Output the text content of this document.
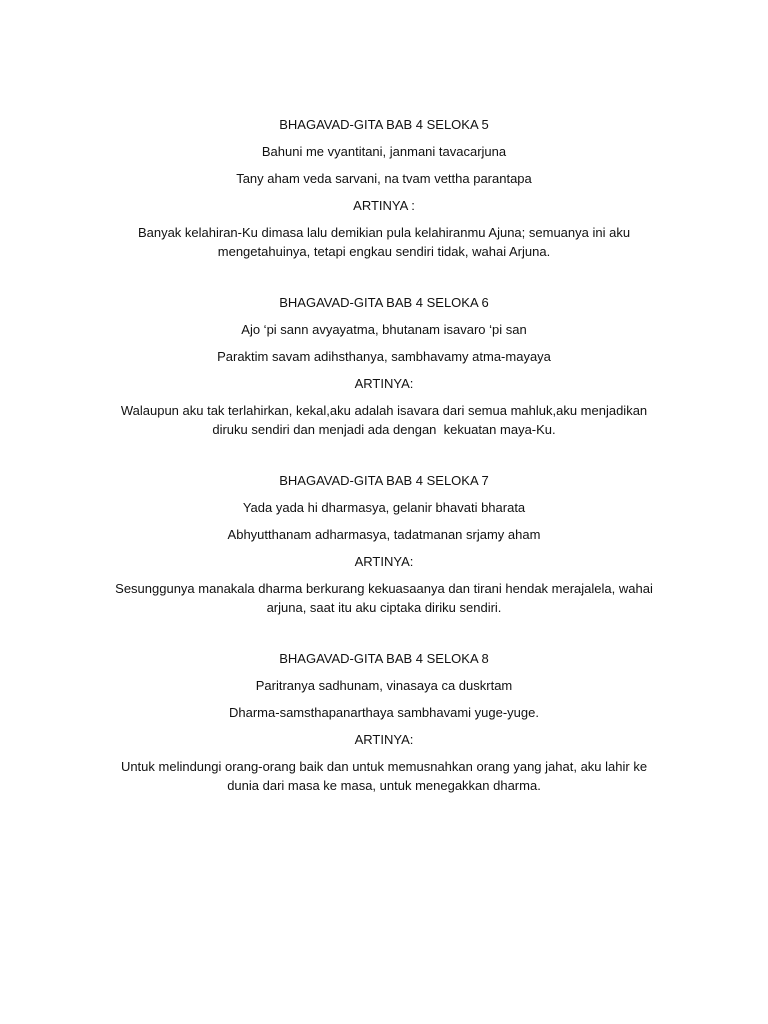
BHAGAVAD-GITA BAB 4 SELOKA 5

Bahuni me vyantitani, janmani tavacarjuna

Tany aham veda sarvani, na tvam vettha parantapa

ARTINYA :

Banyak kelahiran-Ku dimasa lalu demikian pula kelahiranmu Ajuna; semuanya ini aku
mengetahuinya, tetapi engkau sendiri tidak, wahai Arjuna.

BHAGAVAD-GITA BAB 4 SELOKA 6

Ajo ‘pi sann avyayatma, bhutanam isavaro ‘pi san

Paraktim savam adihsthanya, sambhavamy atma-mayaya

ARTINYA:

Walaupun aku tak terlahirkan, kekal,aku adalah isavara dari semua mahluk,aku menjadikan
diruku sendiri dan menjadi ada dengan  kekuatan maya-Ku.

BHAGAVAD-GITA BAB 4 SELOKA 7

Yada yada hi dharmasya, gelanir bhavati bharata

Abhyutthanam adharmasya, tadatmanan srjamy aham

ARTINYA:

Sesunggunya manakala dharma berkurang kekuasaanya dan tirani hendak merajalela, wahai
arjuna, saat itu aku ciptaka diriku sendiri.

BHAGAVAD-GITA BAB 4 SELOKA 8

Paritranya sadhunam, vinasaya ca duskrtam

Dharma-samsthapanarthaya sambhavami yuge-yuge.

ARTINYA:

Untuk melindungi orang-orang baik dan untuk memusnahkan orang yang jahat, aku lahir ke
dunia dari masa ke masa, untuk menegakkan dharma.
